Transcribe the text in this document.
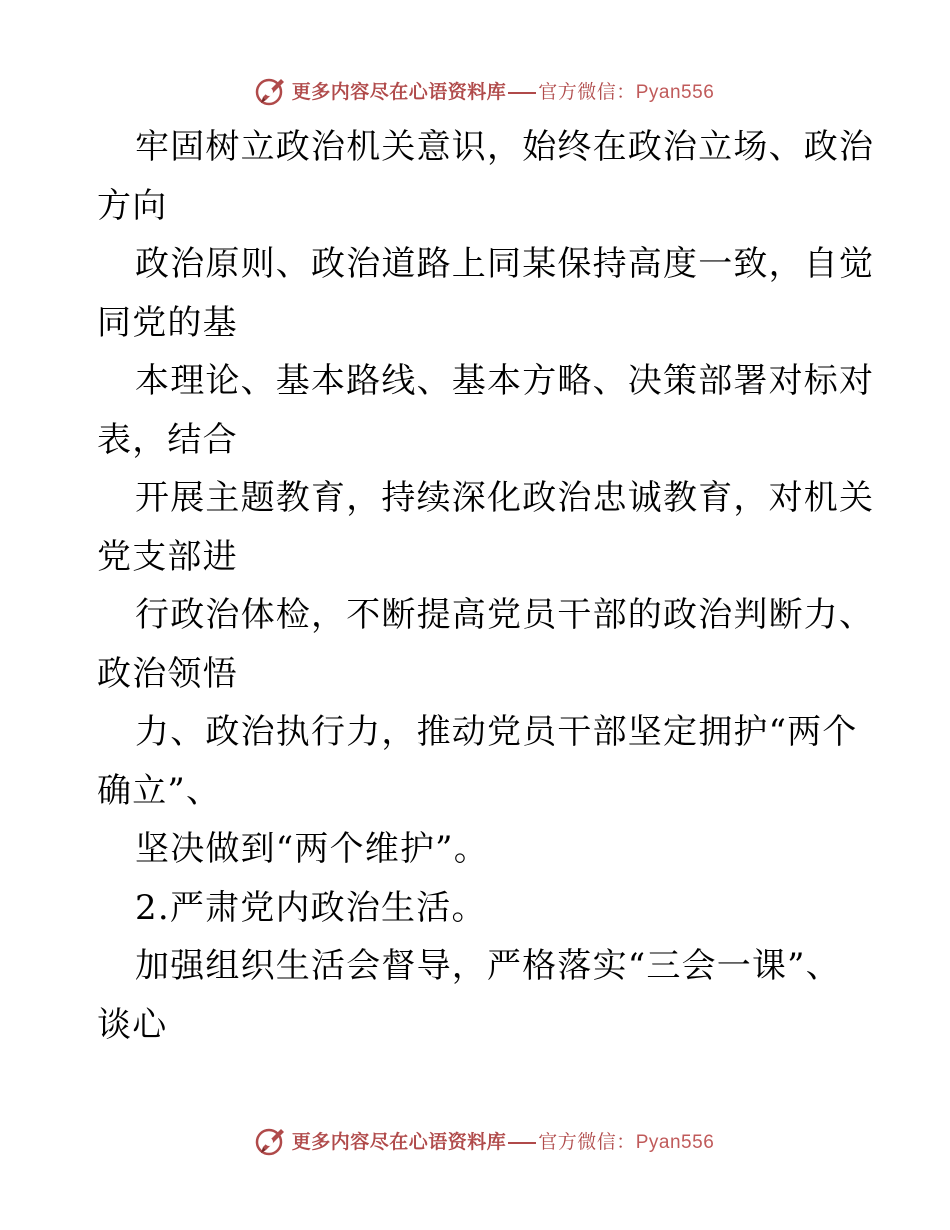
更多内容尽在心语资料库 官方微信：Pyan556
牢固树立政治机关意识，始终在政治立场、政治
方向
政治原则、政治道路上同某保持高度一致，自觉
同党的基
本理论、基本路线、基本方略、决策部署对标对
表，结合
开展主题教育，持续深化政治忠诚教育，对机关
党支部进
行政治体检，不断提高党员干部的政治判断力、
政治领悟
力、政治执行力，推动党员干部坚定拥护“两个
确立”、
坚决做到“两个维护”。
2.严肃党内政治生活。
加强组织生活会督导，严格落实“三会一课”、
谈心
更多内容尽在心语资料库 官方微信：Pyan556
